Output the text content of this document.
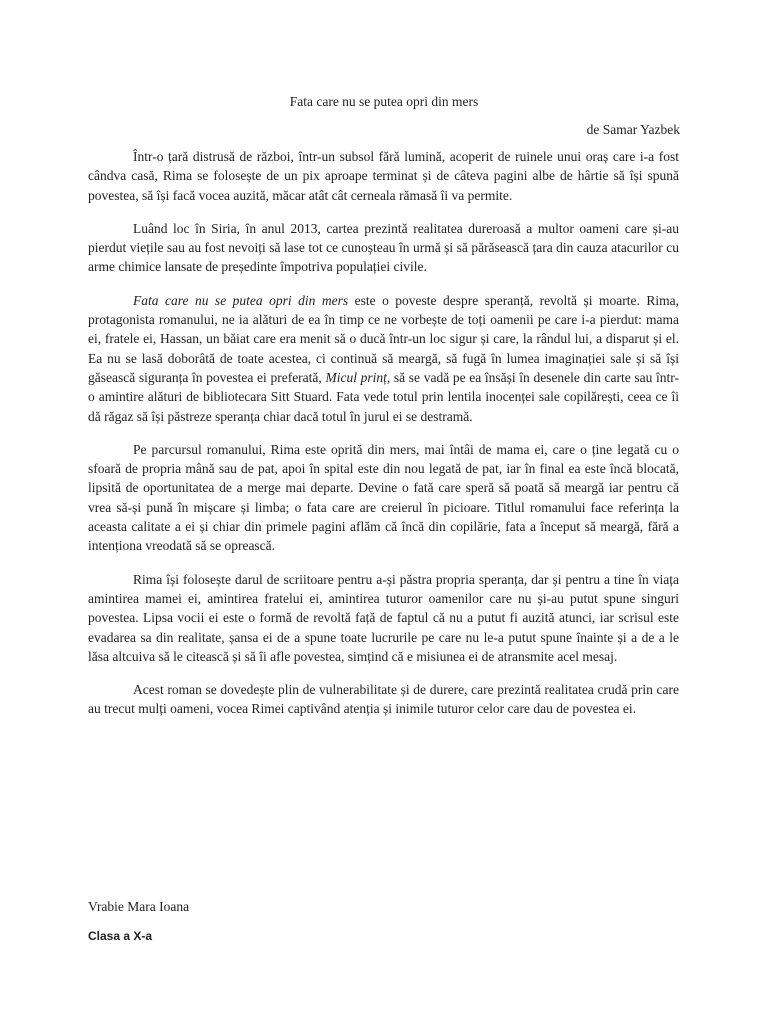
Fata care nu se putea opri din mers
de Samar Yazbek

Într-o țară distrusă de război, într-un subsol fără lumină, acoperit de ruinele unui oraș care i-a fost cândva casă, Rima se folosește de un pix aproape terminat și de câteva pagini albe de hârtie să își spună povestea, să își facă vocea auzită, măcar atât cât cerneala rămasă îi va permite.

Luând loc în Siria, în anul 2013, cartea prezintă realitatea dureroasă a multor oameni care și-au pierdut viețile sau au fost nevoiți să lase tot ce cunoșteau în urmă și să părăsească țara din cauza atacurilor cu arme chimice lansate de președinte împotriva populației civile.

Fata care nu se putea opri din mers este o poveste despre speranță, revoltă și moarte. Rima, protagonista romanului, ne ia alături de ea în timp ce ne vorbește de toți oamenii pe care i-a pierdut: mama ei, fratele ei, Hassan, un băiat care era menit să o ducă într-un loc sigur și care, la rândul lui, a disparut și el. Ea nu se lasă doborâtă de toate acestea, ci continuă să meargă, să fugă în lumea imaginației sale și să își găsească siguranța în povestea ei preferată, Micul prinț, să se vadă pe ea însăși în desenele din carte sau într-o amintire alături de bibliotecara Sitt Stuard. Fata vede totul prin lentila inocenței sale copilărești, ceea ce îi dă răgaz să își păstreze speranța chiar dacă totul în jurul ei se destramă.

Pe parcursul romanului, Rima este oprită din mers, mai întâi de mama ei, care o ține legată cu o sfoară de propria mână sau de pat, apoi în spital este din nou legată de pat, iar în final ea este încă blocată, lipsită de oportunitatea de a merge mai departe. Devine o fată care speră să poată să meargă iar pentru că vrea să-și pună în mișcare și limba; o fata care are creierul în picioare. Titlul romanului face referința la aceasta calitate a ei și chiar din primele pagini aflăm că încă din copilărie, fata a început să meargă, fără a intenționa vreodată să se oprească.

Rima își folosește darul de scriitoare pentru a-și păstra propria speranța, dar și pentru a tine în viața amintirea mamei ei, amintirea fratelui ei, amintirea tuturor oamenilor care nu și-au putut spune singuri povestea. Lipsa vocii ei este o formă de revoltă față de faptul că nu a putut fi auzită atunci, iar scrisul este evadarea sa din realitate, șansa ei de a spune toate lucrurile pe care nu le-a putut spune înainte și a de a le lăsa altcuiva să le citească și să îi afle povestea, simțind că e misiunea ei de atransmite acel mesaj.

Acest roman se dovedește plin de vulnerabilitate și de durere, care prezintă realitatea crudă prin care au trecut mulți oameni, vocea Rimei captivând atenția și inimile tuturor celor care dau de povestea ei.

Vrabie Mara Ioana
Clasa a X-a
